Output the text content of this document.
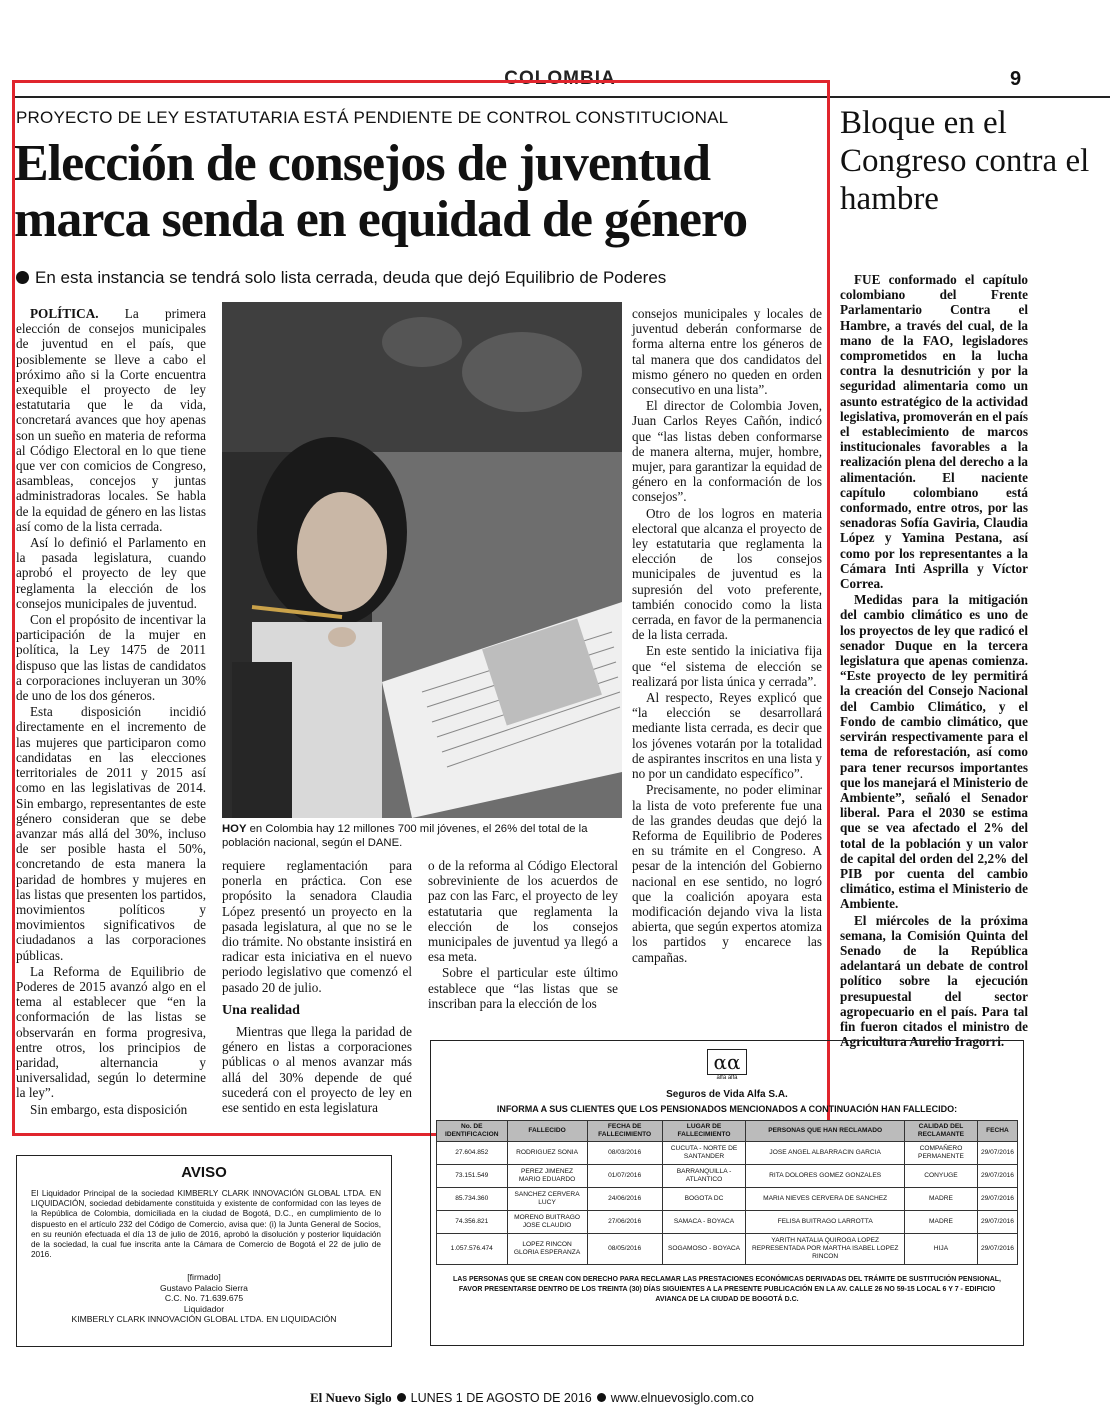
COLOMBIA	9
PROYECTO DE LEY ESTATUTARIA ESTÁ PENDIENTE DE CONTROL CONSTITUCIONAL
Elección de consejos de juventud marca senda en equidad de género
En esta instancia se tendrá solo lista cerrada, deuda que dejó Equilibrio de Poderes

POLÍTICA. La primera elección de consejos municipales de juventud en el país, que posiblemente se lleve a cabo el próximo año si la Corte encuentra exequible el proyecto de ley estatutaria que le da vida, concretará avances que hoy apenas son un sueño en materia de reforma al Código Electoral en lo que tiene que ver con comicios de Congreso, asambleas, concejos y juntas administradoras locales. Se habla de la equidad de género en las listas así como de la lista cerrada.

Así lo definió el Parlamento en la pasada legislatura, cuando aprobó el proyecto de ley que reglamenta la elección de los consejos municipales de juventud.

Con el propósito de incentivar la participación de la mujer en política, la Ley 1475 de 2011 dispuso que las listas de candidatos a corporaciones incluyeran un 30% de uno de los dos géneros.

Esta disposición incidió directamente en el incremento de las mujeres que participaron como candidatas en las elecciones territoriales de 2011 y 2015 así como en las legislativas de 2014. Sin embargo, representantes de este género consideran que se debe avanzar más allá del 30%, incluso de ser posible hasta el 50%, concretando de esta manera la paridad de hombres y mujeres en las listas que presenten los partidos, movimientos políticos y movimientos significativos de ciudadanos a las corporaciones públicas.

La Reforma de Equilibrio de Poderes de 2015 avanzó algo en el tema al establecer que “en la conformación de las listas se observarán en forma progresiva, entre otros, los principios de paridad, alternancia y universalidad, según lo determine la ley”.

Sin embargo, esta disposición

HOY en Colombia hay 12 millones 700 mil jóvenes, el 26% del total de la población nacional, según el DANE.

requiere reglamentación para ponerla en práctica. Con ese propósito la senadora Claudia López presentó un proyecto en la pasada legislatura, al que no se le dio trámite. No obstante insistirá en radicar esta iniciativa en el nuevo periodo legislativo que comenzó el pasado 20 de julio.

Una realidad

Mientras que llega la paridad de género en listas a corporaciones públicas o al menos avanzar más allá del 30% depende de qué sucederá con el proyecto de ley en ese sentido en esta legislatura

o de la reforma al Código Electoral sobreviniente de los acuerdos de paz con las Farc, el proyecto de ley estatutaria que reglamenta la elección de los consejos municipales de juventud ya llegó a esa meta.

Sobre el particular este último establece que “las listas que se inscriban para la elección de los

consejos municipales y locales de juventud deberán conformarse de forma alterna entre los géneros de tal manera que dos candidatos del mismo género no queden en orden consecutivo en una lista”.

El director de Colombia Joven, Juan Carlos Reyes Cañón, indicó que “las listas deben conformarse de manera alterna, mujer, hombre, mujer, para garantizar la equidad de género en la conformación de los consejos”.

Otro de los logros en materia electoral que alcanza el proyecto de ley estatutaria que reglamenta la elección de los consejos municipales de juventud es la supresión del voto preferente, también conocido como la lista cerrada, en favor de la permanencia de la lista cerrada.

En este sentido la iniciativa fija que “el sistema de elección se realizará por lista única y cerrada”.

Al respecto, Reyes explicó que “la elección se desarrollará mediante lista cerrada, es decir que los jóvenes votarán por la totalidad de aspirantes inscritos en una lista y no por un candidato específico”.

Precisamente, no poder eliminar la lista de voto preferente fue una de las grandes deudas que dejó la Reforma de Equilibrio de Poderes en su trámite en el Congreso. A pesar de la intención del Gobierno nacional en ese sentido, no logró que la coalición apoyara esta modificación dejando viva la lista abierta, que según expertos atomiza los partidos y encarece las campañas.

Bloque en el Congreso contra el hambre

FUE conformado el capítulo colombiano del Frente Parlamentario Contra el Hambre, a través del cual, de la mano de la FAO, legisladores comprometidos en la lucha contra la desnutrición y por la seguridad alimentaria como un asunto estratégico de la actividad legislativa, promoverán en el país el establecimiento de marcos institucionales favorables a la realización plena del derecho a la alimentación. El naciente capítulo colombiano está conformado, entre otros, por las senadoras Sofía Gaviria, Claudia López y Yamina Pestana, así como por los representantes a la Cámara Inti Asprilla y Víctor Correa.

Medidas para la mitigación del cambio climático es uno de los proyectos de ley que radicó el senador Duque en la tercera legislatura que apenas comienza. “Este proyecto de ley permitirá la creación del Consejo Nacional del Cambio Climático, y el Fondo de cambio climático, que servirán respectivamente para el tema de reforestación, así como para tener recursos importantes que los manejará el Ministerio de Ambiente”, señaló el Senador liberal. Para el 2030 se estima que se vea afectado el 2% del total de la población y un valor de capital del orden del 2,2% del PIB por cuenta del cambio climático, estima el Ministerio de Ambiente.

El miércoles de la próxima semana, la Comisión Quinta del Senado de la República adelantará un debate de control político sobre la ejecución presupuestal del sector agropecuario en el país. Para tal fin fueron citados el ministro de Agricultura Aurelio Iragorri.

αα
alfa alfa
Seguros de Vida Alfa S.A.
INFORMA A SUS CLIENTES QUE LOS PENSIONADOS MENCIONADOS A CONTINUACIÓN HAN FALLECIDO:
No. DE IDENTIFICACION	FALLECIDO	FECHA DE FALLECIMIENTO	LUGAR DE FALLECIMIENTO	PERSONAS QUE HAN RECLAMADO	CALIDAD DEL RECLAMANTE	FECHA
27.604.852	RODRIGUEZ SONIA	08/03/2016	CUCUTA - NORTE DE SANTANDER	JOSE ANGEL ALBARRACIN GARCIA	COMPAÑERO PERMANENTE	29/07/2016
73.151.549	PEREZ JIMENEZ MARIO EDUARDO	01/07/2016	BARRANQUILLA - ATLANTICO	RITA DOLORES GOMEZ GONZALES	CONYUGE	29/07/2016
85.734.360	SANCHEZ CERVERA LUCY	24/06/2016	BOGOTA DC	MARIA NIEVES CERVERA DE SANCHEZ	MADRE	29/07/2016
74.356.821	MORENO BUITRAGO JOSE CLAUDIO	27/06/2016	SAMACA - BOYACA	FELISA BUITRAGO LARROTTA	MADRE	29/07/2016
1.057.576.474	LOPEZ RINCON GLORIA ESPERANZA	08/05/2016	SOGAMOSO - BOYACA	YARITH NATALIA QUIROGA LOPEZ REPRESENTADA POR MARTHA ISABEL LOPEZ RINCON	HIJA	29/07/2016
LAS PERSONAS QUE SE CREAN CON DERECHO PARA RECLAMAR LAS PRESTACIONES ECONÓMICAS DERIVADAS DEL TRÁMITE DE SUSTITUCIÓN PENSIONAL, FAVOR PRESENTARSE DENTRO DE LOS TREINTA (30) DÍAS SIGUIENTES A LA PRESENTE PUBLICACIÓN EN LA AV. CALLE 26 NO 59-15 LOCAL 6 Y 7 - EDIFICIO AVIANCA DE LA CIUDAD DE BOGOTÁ D.C.
AVISO
El Liquidador Principal de la sociedad KIMBERLY CLARK INNOVACIÓN GLOBAL LTDA. EN LIQUIDACIÓN, sociedad debidamente constituida y existente de conformidad con las leyes de la República de Colombia, domiciliada en la ciudad de Bogotá, D.C., en cumplimiento de lo dispuesto en el artículo 232 del Código de Comercio, avisa que: (i) la Junta General de Socios, en su reunión efectuada el día 13 de julio de 2016, aprobó la disolución y posterior liquidación de la sociedad, la cual fue inscrita ante la Cámara de Comercio de Bogotá el 22 de julio de 2016.
[firmado]
Gustavo Palacio Sierra
C.C. No. 71.639.675
Liquidador
KIMBERLY CLARK INNOVACIÓN GLOBAL LTDA. EN LIQUIDACIÓN
El Nuevo Siglo LUNES 1 DE AGOSTO DE 2016 www.elnuevosiglo.com.co
